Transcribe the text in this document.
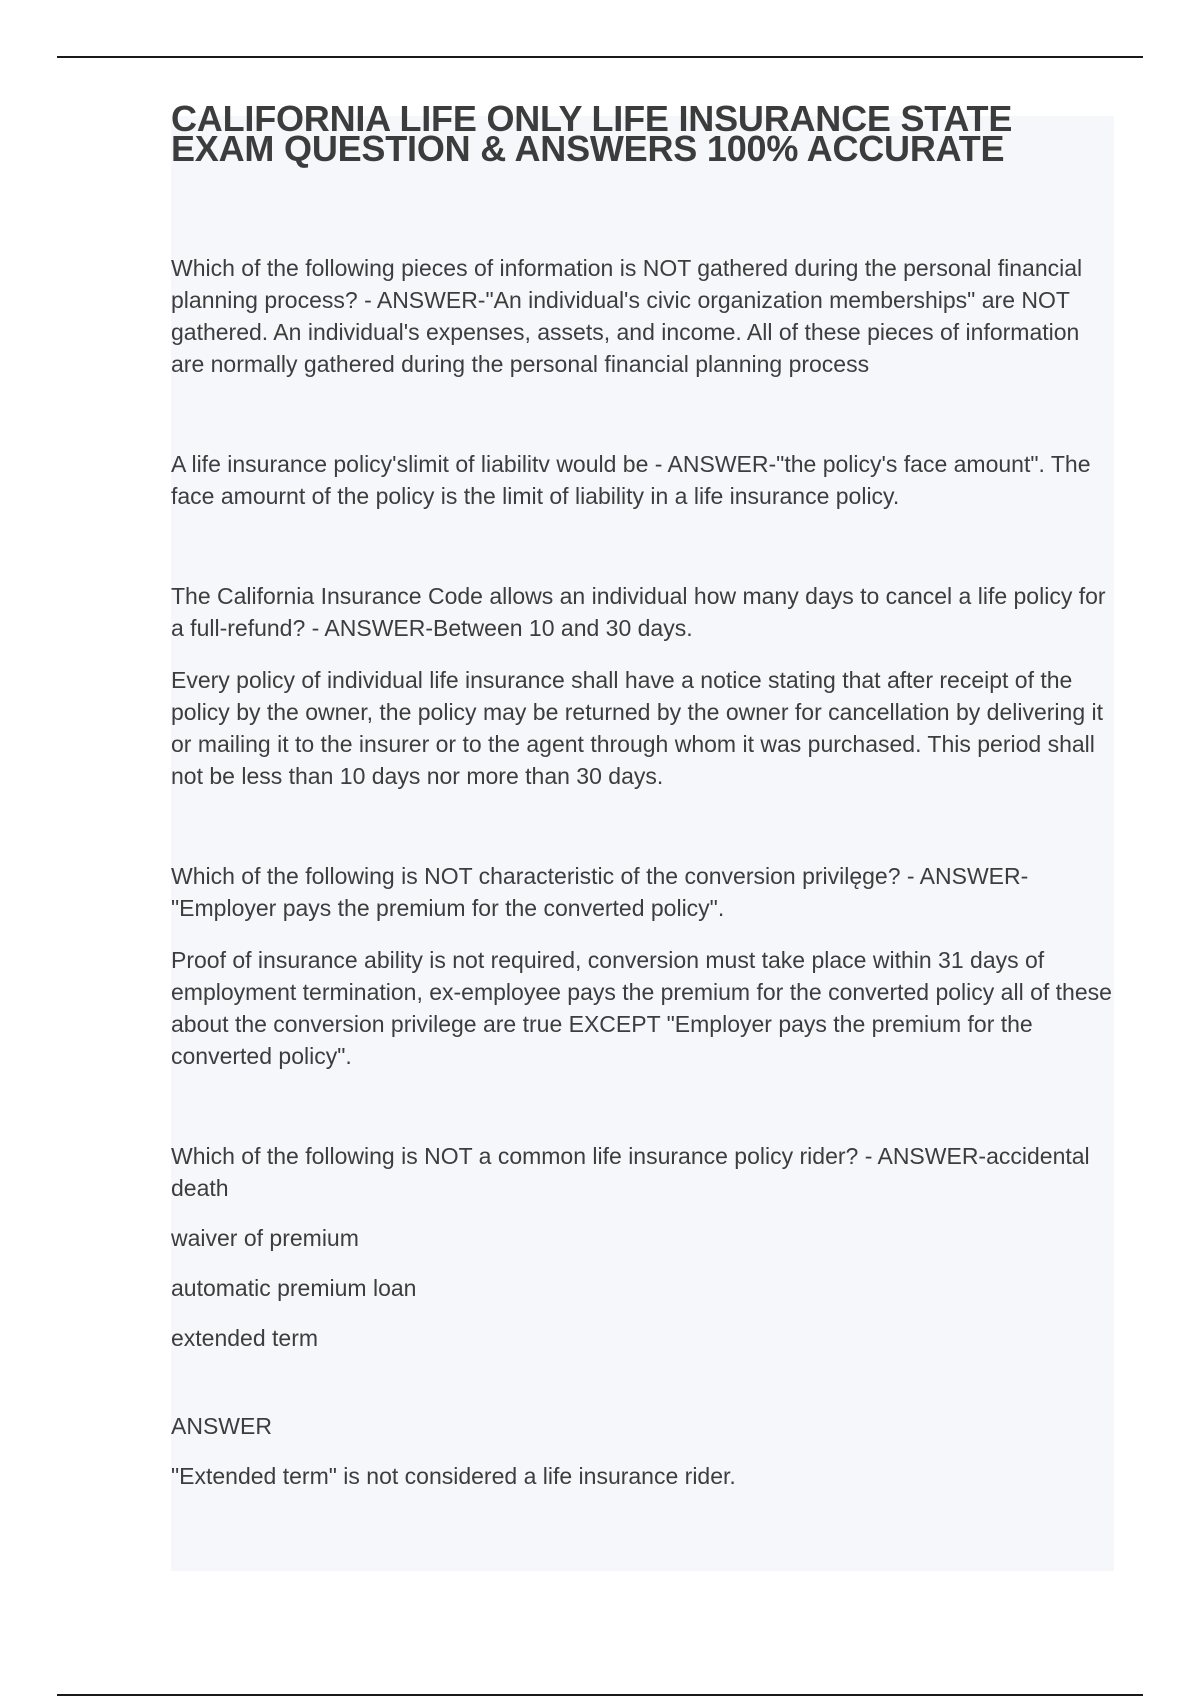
CALIFORNIA LIFE ONLY LIFE INSURANCE STATE EXAM QUESTION & ANSWERS 100% ACCURATE

Which of the following pieces of information is NOT gathered during the personal financial planning process? - ANSWER-"An individual's civic organization memberships" are NOT gathered. An individual's expenses, assets, and income. All of these pieces of information are normally gathered during the personal financial planning process

A life insurance policy'slimit of liabilitv would be - ANSWER-"the policy's face amount". The face amournt of the policy is the limit of liability in a life insurance policy.

The California Insurance Code allows an individual how many days to cancel a life policy for a full-refund? - ANSWER-Between 10 and 30 days.

Every policy of individual life insurance shall have a notice stating that after receipt of the policy by the owner, the policy may be returned by the owner for cancellation by delivering it or mailing it to the insurer or to the agent through whom it was purchased. This period shall not be less than 10 days nor more than 30 days.

Which of the following is NOT characteristic of the conversion privilęge? - ANSWER-"Employer pays the premium for the converted policy".

Proof of insurance ability is not required, conversion must take place within 31 days of employment termination, ex-employee pays the premium for the converted policy all of these about the conversion privilege are true EXCEPT "Employer pays the premium for the converted policy".

Which of the following is NOT a common life insurance policy rider? - ANSWER-accidental death

waiver of premium

automatic premium loan

extended term

ANSWER

"Extended term" is not considered a life insurance rider.
